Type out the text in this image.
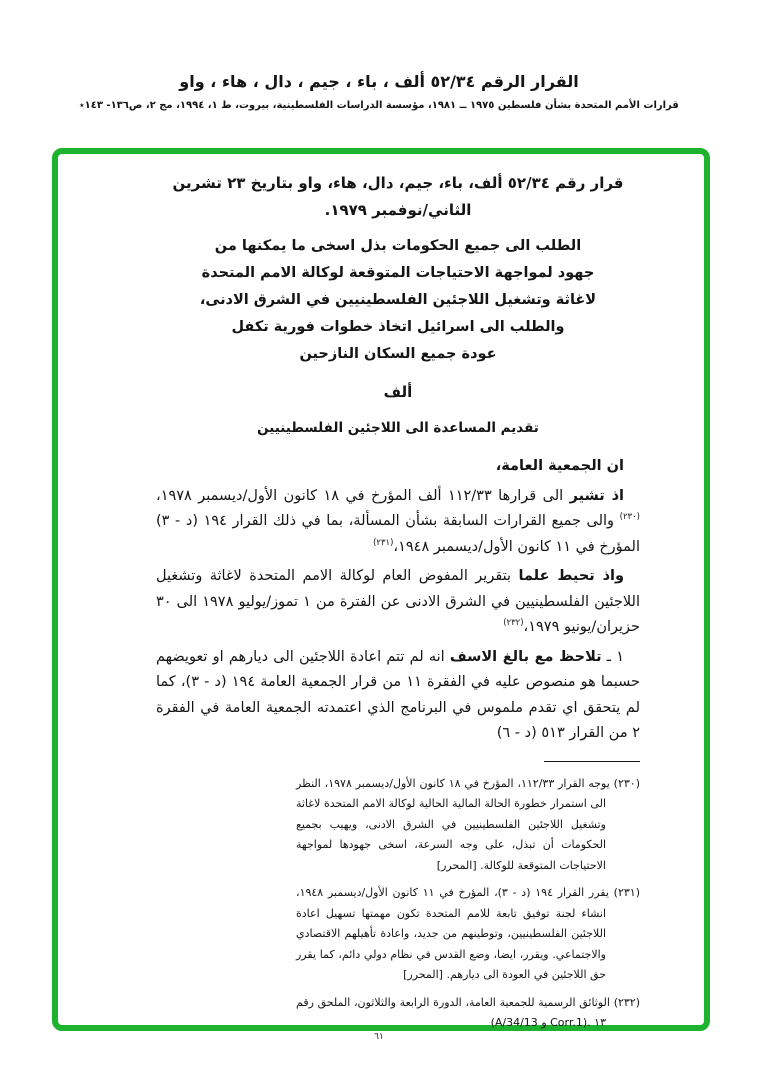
القرار الرقم ٥٢/٣٤ ألف ، باء ، جيم ، دال ، هاء ، واو
قرارات الأمم المتحدة بشأن فلسطين ١٩٧٥ ــ ١٩٨١، مؤسسة الدراسات الفلسطينية، بيروت، ط ١، ١٩٩٤، مج ٢، ص١٣٦- ١٤٣٭
قرار رقم ٥٢/٣٤ ألف، باء، جيم، دال، هاء، واو بتاريخ ٢٣ تشرين
الثاني/نوفمبر ١٩٧٩.
الطلب الى جميع الحكومات بذل اسخى ما يمكنها من
جهود لمواجهة الاحتياجات المتوقعة لوكالة الامم المتحدة
لاغاثة وتشغيل اللاجئين الفلسطينيين في الشرق الادنى،
والطلب الى اسرائيل اتخاذ خطوات فورية تكفل
عودة جميع السكان النازحين
ألف
تقديم المساعدة الى اللاجئين الفلسطينيين

ان الجمعية العامة،

اذ تشير الى قرارها ١١٢/٣٣ ألف المؤرخ في ١٨ كانون الأول/ديسمبر ١٩٧٨،$^{(٢٣٠)}$ والى جميع القرارات السابقة بشأن المسألة، بما في ذلك القرار ١٩٤ (د - ٣) المؤرخ في ١١ كانون الأول/ديسمبر ١٩٤٨،$^{(٢٣١)}$

واذ تحيط علما بتقرير المفوض العام لوكالة الامم المتحدة لاغاثة وتشغيل اللاجئين الفلسطينيين في الشرق الادنى عن الفترة من ١ تموز/يوليو ١٩٧٨ الى ٣٠ حزيران/يونيو ١٩٧٩،$^{(٢٣٢)}$

١ ـ تلاحظ مع بالغ الاسف انه لم تتم اعادة اللاجئين الى ديارهم او تعويضهم حسبما هو منصوص عليه في الفقرة ١١ من قرار الجمعية العامة ١٩٤ (د - ٣)، كما لم يتحقق اي تقدم ملموس في البرنامج الذي اعتمدته الجمعية العامة في الفقرة ٢ من القرار ٥١٣ (د - ٦)

(٢٣٠) يوجه القرار ١١٢/٣٣، المؤرخ في ١٨ كانون الأول/ديسمبر ١٩٧٨، النظر الى استمرار خطورة الحالة المالية الحالية لوكالة الامم المتحدة لاغاثة وتشغيل اللاجئين الفلسطينيين في الشرق الادنى، ويهيب بجميع الحكومات أن تبذل، على وجه السرعة، اسخى جهودها لمواجهة الاحتياجات المتوقعة للوكالة. [المحرر]

(٢٣١) يقرر القرار ١٩٤ (د - ٣)، المؤرخ في ١١ كانون الأول/ديسمبر ١٩٤٨، انشاء لجنة توفيق تابعة للامم المتحدة تكون مهمتها تسهيل اعادة اللاجئين الفلسطينيين، وتوطينهم من جديد، واعادة تأهيلهم الاقتصادي والاجتماعي. ويقرر، ايضا، وضع القدس في نظام دولي دائم، كما يقرر حق اللاجئين في العودة الى ديارهم. [المحرر]

(٢٣٢) الوثائق الرسمية للجمعية العامة، الدورة الرابعة والثلاثون، الملحق رقم ١٣ (A/34/13 و Corr.1).

٦١
